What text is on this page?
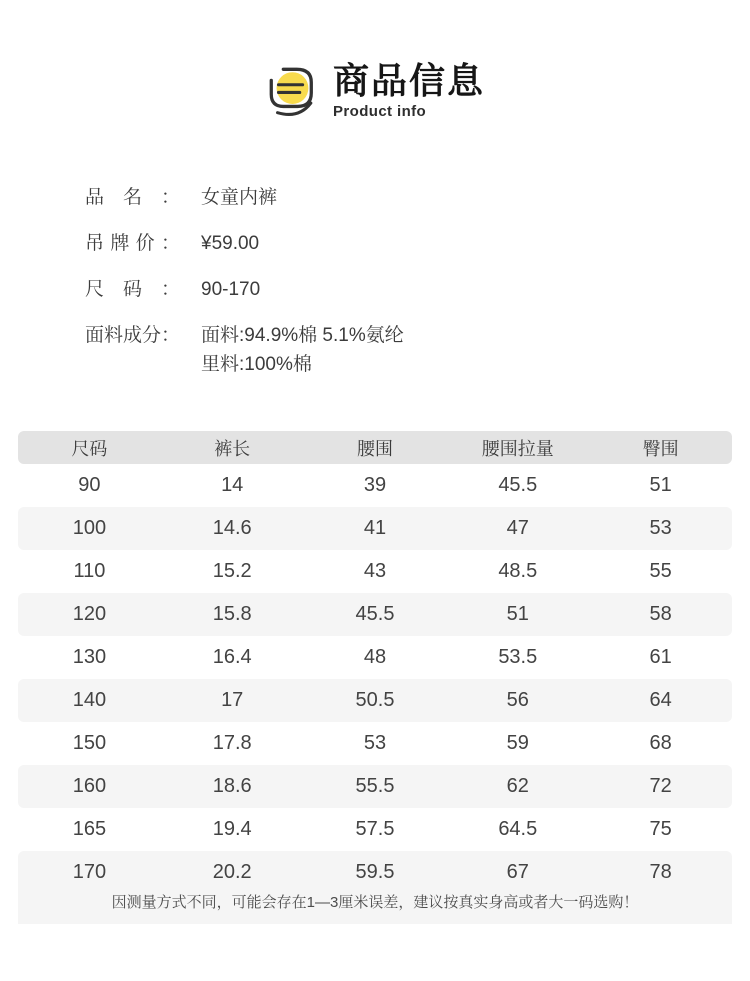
商品信息
Product info
品名： 女童内裤
吊牌价： ¥59.00
尺码： 90-170
面料成分： 面料:94.9%棉 5.1%氨纶
里料:100%棉
尺码	裤长	腰围	腰围拉量	臀围
90	14	39	45.5	51
100	14.6	41	47	53
110	15.2	43	48.5	55
120	15.8	45.5	51	58
130	16.4	48	53.5	61
140	17	50.5	56	64
150	17.8	53	59	68
160	18.6	55.5	62	72
165	19.4	57.5	64.5	75
170	20.2	59.5	67	78
因测量方式不同，可能会存在1—3厘米误差，建议按真实身高或者大一码选购！
